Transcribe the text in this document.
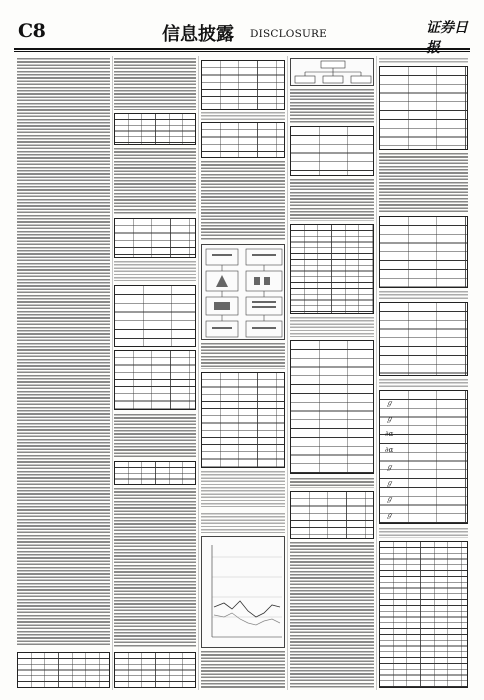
C8	信息披露 DISCLOSURE	证券日报
ℊ
ℊ
∂ɑ
∂ɑ
ℊ
ℊ
ℊ
ℊ
